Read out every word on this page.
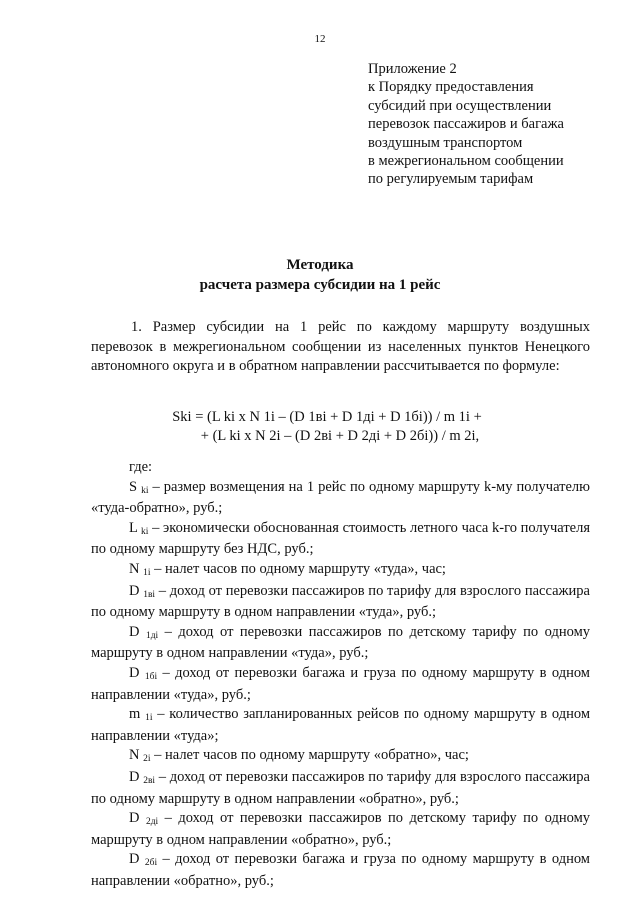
12
Приложение 2
к Порядку предоставления
субсидий при осуществлении
перевозок пассажиров и багажа
воздушным транспортом
в межрегиональном сообщении
по регулируемым тарифам
Методика
расчета размера субсидии на 1 рейс
1. Размер субсидии на 1 рейс по каждому маршруту воздушных перевозок в межрегиональном сообщении из населенных пунктов Ненецкого автономного округа и в обратном направлении рассчитывается по формуле:
Ski = (L ki x N 1i – (D 1вi + D 1дi + D 1бi)) / m 1i +
+ (L ki x N 2i – (D 2вi + D 2дi + D 2бi)) / m 2i,
где:
S ki – размер возмещения на 1 рейс по одному маршруту k-му получателю «туда-обратно», руб.;
L ki – экономически обоснованная стоимость летного часа k-го получателя по одному маршруту без НДС, руб.;
N 1i – налет часов по одному маршруту «туда», час;
D 1вi – доход от перевозки пассажиров по тарифу для взрослого пассажира по одному маршруту в одном направлении «туда», руб.;
D 1дi – доход от перевозки пассажиров по детскому тарифу по одному маршруту в одном направлении «туда», руб.;
D 1бi – доход от перевозки багажа и груза по одному маршруту в одном направлении «туда», руб.;
m 1i – количество запланированных рейсов по одному маршруту в одном направлении «туда»;
N 2i – налет часов по одному маршруту «обратно», час;
D 2вi – доход от перевозки пассажиров по тарифу для взрослого пассажира по одному маршруту в одном направлении «обратно», руб.;
D 2дi – доход от перевозки пассажиров по детскому тарифу по одному маршруту в одном направлении «обратно», руб.;
D 2бi – доход от перевозки багажа и груза по одному маршруту в одном направлении «обратно», руб.;
